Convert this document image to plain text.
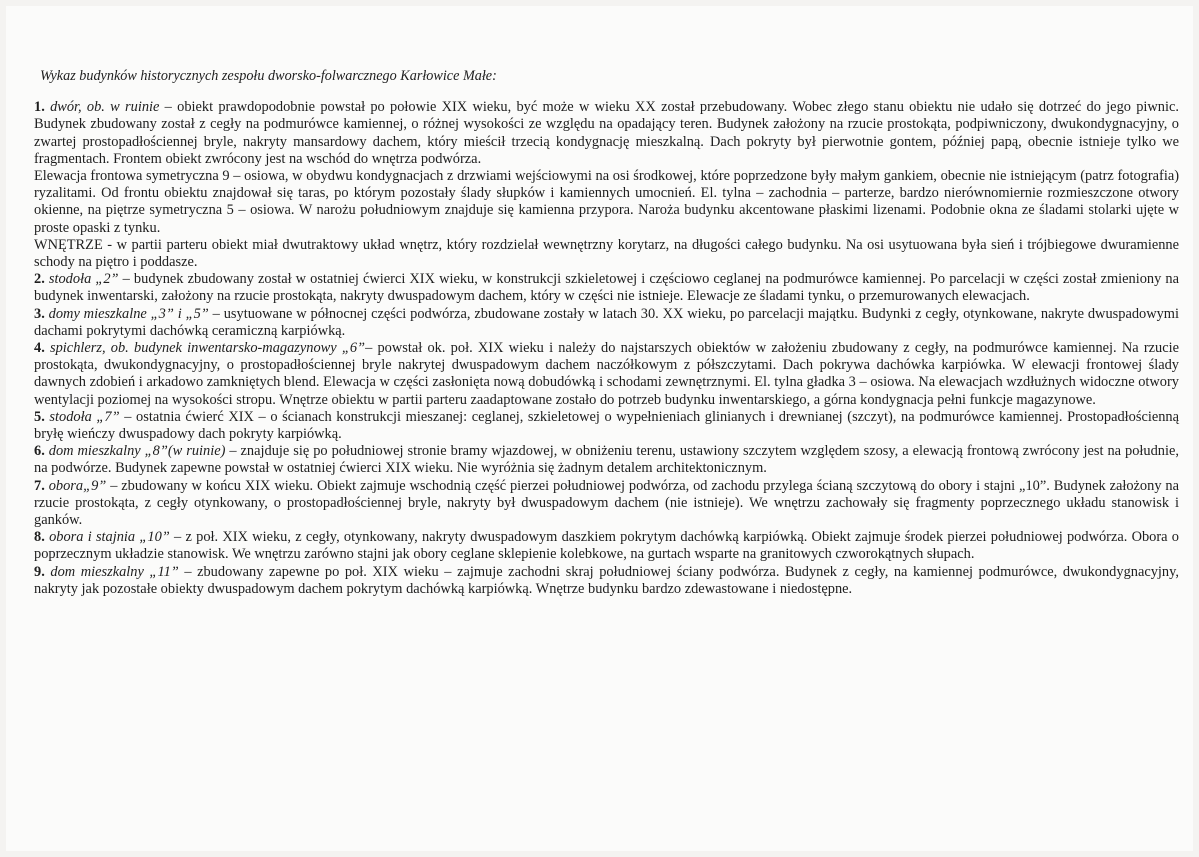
Wykaz budynków historycznych zespołu dworsko-folwarcznego Karłowice Małe:

1. dwór, ob. w ruinie – obiekt prawdopodobnie powstał po połowie XIX wieku, być może w wieku XX został przebudowany. Wobec złego stanu obiektu nie udało się dotrzeć do jego piwnic. Budynek zbudowany został z cegły na podmurówce kamiennej, o różnej wysokości ze względu na opadający teren. Budynek założony na rzucie prostokąta, podpiwniczony, dwukondygnacyjny, o zwartej prostopadłościennej bryle, nakryty mansardowy dachem, który mieścił trzecią kondygnację mieszkalną. Dach pokryty był pierwotnie gontem, później papą, obecnie istnieje tylko we fragmentach. Frontem obiekt zwrócony jest na wschód do wnętrza podwórza.

Elewacja frontowa symetryczna 9 – osiowa, w obydwu kondygnacjach z drzwiami wejściowymi na osi środkowej, które poprzedzone były małym gankiem, obecnie nie istniejącym (patrz fotografia) ryzalitami. Od frontu obiektu znajdował się taras, po którym pozostały ślady słupków i kamiennych umocnień. El. tylna – zachodnia – parterze, bardzo nierównomiernie rozmieszczone otwory okienne, na piętrze symetryczna 5 – osiowa. W narożu południowym znajduje się kamienna przypora. Naroża budynku akcentowane płaskimi lizenami. Podobnie okna ze śladami stolarki ujęte w proste opaski z tynku.

WNĘTRZE - w partii parteru obiekt miał dwutraktowy układ wnętrz, który rozdzielał wewnętrzny korytarz, na długości całego budynku. Na osi usytuowana była sień i trójbiegowe dwuramienne schody na piętro i poddasze.

2. stodoła „2” – budynek zbudowany został w ostatniej ćwierci XIX wieku, w konstrukcji szkieletowej i częściowo ceglanej na podmurówce kamiennej. Po parcelacji w części został zmieniony na budynek inwentarski, założony na rzucie prostokąta, nakryty dwuspadowym dachem, który w części nie istnieje. Elewacje ze śladami tynku, o przemurowanych elewacjach.

3. domy mieszkalne „3” i „5” – usytuowane w północnej części podwórza, zbudowane zostały w latach 30. XX wieku, po parcelacji majątku. Budynki z cegły, otynkowane, nakryte dwuspadowymi dachami pokrytymi dachówką ceramiczną karpiówką.

4. spichlerz, ob. budynek inwentarsko-magazynowy „6”– powstał ok. poł. XIX wieku i należy do najstarszych obiektów w założeniu zbudowany z cegły, na podmurówce kamiennej. Na rzucie prostokąta, dwukondygnacyjny, o prostopadłościennej bryle nakrytej dwuspadowym dachem naczółkowym z półszczytami. Dach pokrywa dachówka karpiówka. W elewacji frontowej ślady dawnych zdobień i arkadowo zamkniętych blend. Elewacja w części zasłonięta nową dobudówką i schodami zewnętrznymi. El. tylna gładka 3 – osiowa. Na elewacjach wzdłużnych widoczne otwory wentylacji poziomej na wysokości stropu. Wnętrze obiektu w partii parteru zaadaptowane zostało do potrzeb budynku inwentarskiego, a górna kondygnacja pełni funkcje magazynowe.

5. stodoła „7” – ostatnia ćwierć XIX – o ścianach konstrukcji mieszanej: ceglanej, szkieletowej o wypełnieniach glinianych i drewnianej (szczyt), na podmurówce kamiennej. Prostopadłościenną bryłę wieńczy dwuspadowy dach pokryty karpiówką.

6. dom mieszkalny „8”(w ruinie) – znajduje się po południowej stronie bramy wjazdowej, w obniżeniu terenu, ustawiony szczytem względem szosy, a elewacją frontową zwrócony jest na południe, na podwórze. Budynek zapewne powstał w ostatniej ćwierci XIX wieku. Nie wyróżnia się żadnym detalem architektonicznym.

7. obora„9” – zbudowany w końcu XIX wieku. Obiekt zajmuje wschodnią część pierzei południowej podwórza, od zachodu przylega ścianą szczytową do obory i stajni „10”. Budynek założony na rzucie prostokąta, z cegły otynkowany, o prostopadłościennej bryle, nakryty był dwuspadowym dachem (nie istnieje). We wnętrzu zachowały się fragmenty poprzecznego układu stanowisk i ganków.

8. obora i stajnia „10” – z poł. XIX wieku, z cegły, otynkowany, nakryty dwuspadowym daszkiem pokrytym dachówką karpiówką. Obiekt zajmuje środek pierzei południowej podwórza. Obora o poprzecznym układzie stanowisk. We wnętrzu zarówno stajni jak obory ceglane sklepienie kolebkowe, na gurtach wsparte na granitowych czworokątnych słupach.

9. dom mieszkalny „11” – zbudowany zapewne po poł. XIX wieku – zajmuje zachodni skraj południowej ściany podwórza. Budynek z cegły, na kamiennej podmurówce, dwukondygnacyjny, nakryty jak pozostałe obiekty dwuspadowym dachem pokrytym dachówką karpiówką. Wnętrze budynku bardzo zdewastowane i niedostępne.
